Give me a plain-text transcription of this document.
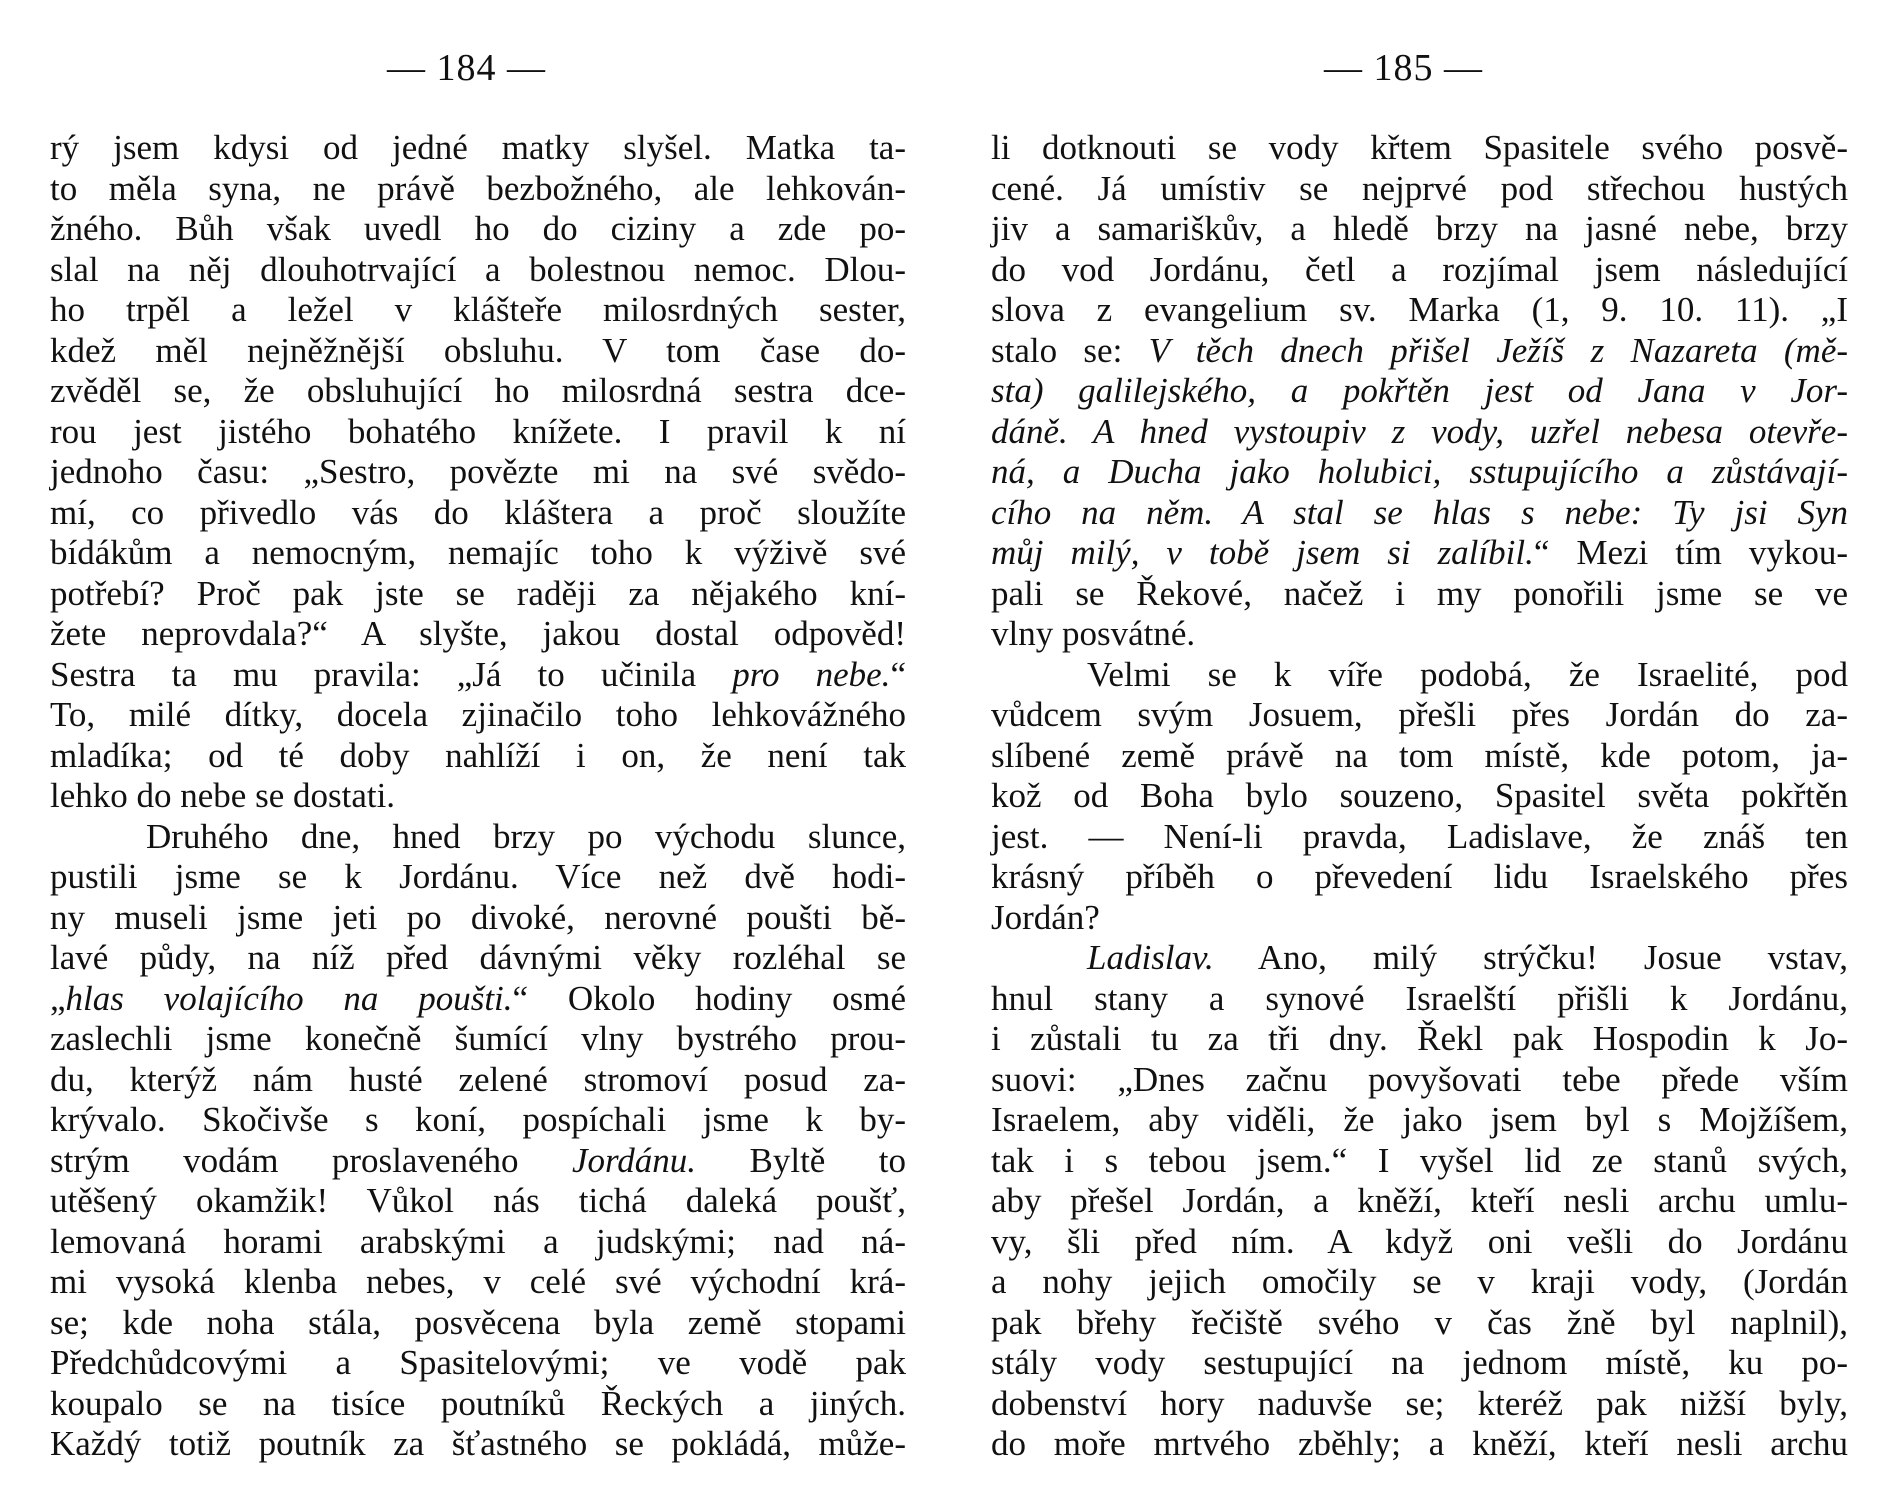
— 184 —
rý jsem kdysi od jedné matky slyšel. Matka ta-
to měla syna, ne právě bezbožného, ale lehkován-
žného. Bůh však uvedl ho do ciziny a zde po-
slal na něj dlouhotrvající a bolestnou nemoc. Dlou-
ho trpěl a ležel v klášteře milosrdných sester,
kdež měl nejněžnější obsluhu. V tom čase do-
zvěděl se, že obsluhující ho milosrdná sestra dce-
rou jest jistého bohatého knížete. I pravil k ní
jednoho času: „Sestro, povězte mi na své svědo-
mí, co přivedlo vás do kláštera a proč sloužíte
bídákům a nemocným, nemajíc toho k výživě své
potřebí? Proč pak jste se raději za nějakého kní-
žete neprovdala?“ A slyšte, jakou dostal odpověd!
Sestra ta mu pravila: „Já to učinila pro nebe.“
To, milé dítky, docela zjinačilo toho lehkovážného
mladíka; od té doby nahlíží i on, že není tak
lehko do nebe se dostati.
Druhého dne, hned brzy po východu slunce,
pustili jsme se k Jordánu. Více než dvě hodi-
ny museli jsme jeti po divoké, nerovné poušti bě-
lavé půdy, na níž před dávnými věky rozléhal se
„hlas volajícího na poušti.“ Okolo hodiny osmé
zaslechli jsme konečně šumící vlny bystrého prou-
du, kterýž nám husté zelené stromoví posud za-
krývalo. Skočivše s koní, pospíchali jsme k by-
strým vodám proslaveného Jordánu. Byltě to
utěšený okamžik! Vůkol nás tichá daleká poušť,
lemovaná horami arabskými a judskými; nad ná-
mi vysoká klenba nebes, v celé své východní krá-
se; kde noha stála, posvěcena byla země stopami
Předchůdcovými a Spasitelovými; ve vodě pak
koupalo se na tisíce poutníků Řeckých a jiných.
Každý totiž poutník za šťastného se pokládá, může-
— 185 —
li dotknouti se vody křtem Spasitele svého posvě-
cené. Já umístiv se nejprvé pod střechou hustých
jiv a samariškův, a hledě brzy na jasné nebe, brzy
do vod Jordánu, četl a rozjímal jsem následující
slova z evangelium sv. Marka (1, 9. 10. 11). „I
stalo se: V těch dnech přišel Ježíš z Nazareta (mě-
sta) galilejského, a pokřtěn jest od Jana v Jor-
dáně. A hned vystoupiv z vody, uzřel nebesa otevře-
ná, a Ducha jako holubici, sstupujícího a zůstávají-
cího na něm. A stal se hlas s nebe: Ty jsi Syn
můj milý, v tobě jsem si zalíbil.“ Mezi tím vykou-
pali se Řekové, načež i my ponořili jsme se ve
vlny posvátné.
Velmi se k víře podobá, že Israelité, pod
vůdcem svým Josuem, přešli přes Jordán do za-
slíbené země právě na tom místě, kde potom, ja-
kož od Boha bylo souzeno, Spasitel světa pokřtěn
jest. — Není-li pravda, Ladislave, že znáš ten
krásný příběh o převedení lidu Israelského přes
Jordán?
Ladislav. Ano, milý strýčku! Josue vstav,
hnul stany a synové Israelští přišli k Jordánu,
i zůstali tu za tři dny. Řekl pak Hospodin k Jo-
suovi: „Dnes začnu povyšovati tebe přede vším
Israelem, aby viděli, že jako jsem byl s Mojžíšem,
tak i s tebou jsem.“ I vyšel lid ze stanů svých,
aby přešel Jordán, a kněží, kteří nesli archu umlu-
vy, šli před ním. A když oni vešli do Jordánu
a nohy jejich omočily se v kraji vody, (Jordán
pak břehy řečiště svého v čas žně byl naplnil),
stály vody sestupující na jednom místě, ku po-
dobenství hory naduvše se; kteréž pak nižší byly,
do moře mrtvého zběhly; a kněží, kteří nesli archu
